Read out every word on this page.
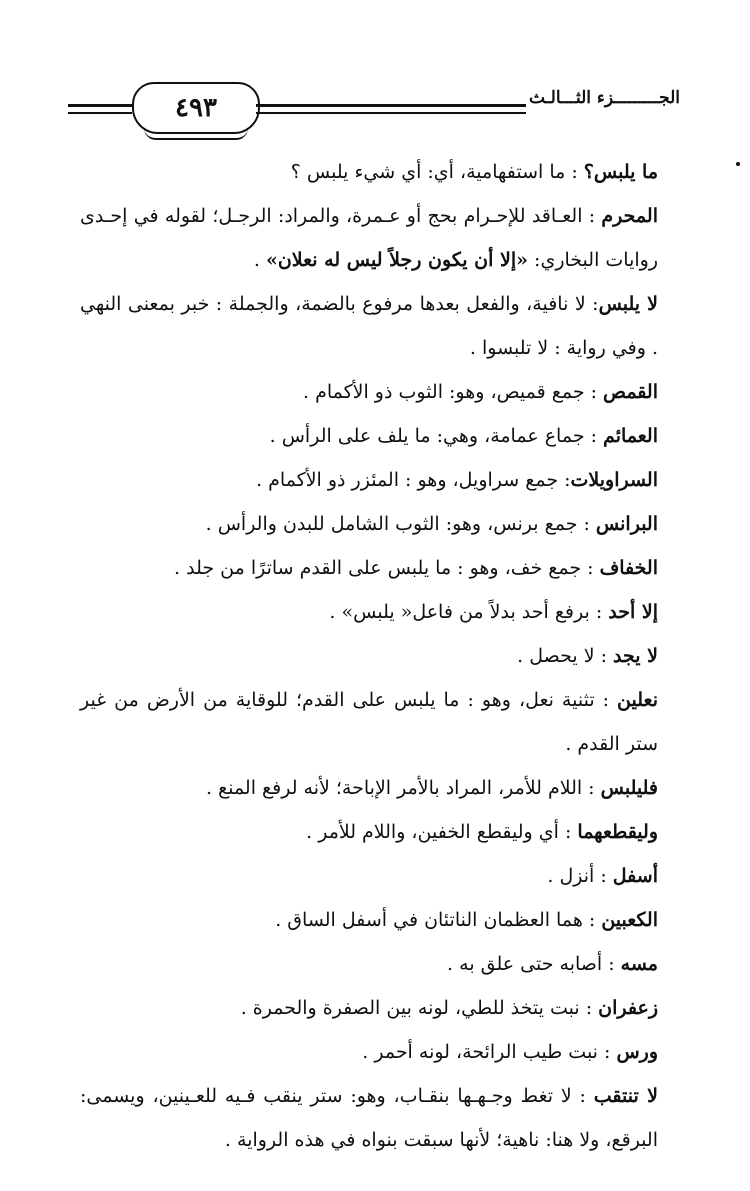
٤٩٣	الجـــــــــزء الثـــالـث
ما يلبس؟ : ما استفهامية، أي: أي شيء يلبس ؟
المحرم : العـاقد للإحـرام بحج أو عـمرة، والمراد: الرجـل؛ لقوله في إحـدى روايات البخاري: «إلا أن يكون رجلاً ليس له نعلان» .
لا يلبس: لا نافية، والفعل بعدها مرفوع بالضمة، والجملة : خبر بمعنى النهي . وفي رواية : لا تلبسوا .
القمص : جمع قميص، وهو: الثوب ذو الأكمام .
العمائم : جماع عمامة، وهي: ما يلف على الرأس .
السراويلات: جمع سراويل، وهو : المئزر ذو الأكمام .
البرانس : جمع برنس، وهو: الثوب الشامل للبدن والرأس .
الخفاف : جمع خف، وهو : ما يلبس على القدم ساترًا من جلد .
إلا أحد : برفع أحد بدلاً من فاعل« يلبس» .
لا يجد : لا يحصل .
نعلين : تثنية نعل، وهو : ما يلبس على القدم؛ للوقاية من الأرض من غير ستر القدم .
فليلبس : اللام للأمر، المراد بالأمر الإباحة؛ لأنه لرفع المنع .
وليقطعهما : أي وليقطع الخفين، واللام للأمر .
أسفل : أنزل .
الكعبين : هما العظمان الناتئان في أسفل الساق .
مسه : أصابه حتى علق به .
زعفران : نبت يتخذ للطي، لونه بين الصفرة والحمرة .
ورس : نبت طيب الرائحة، لونه أحمر .
لا تنتقب : لا تغط وجـهـها بنقـاب، وهو: ستر ينقب فـيه للعـينين، ويسمى: البرقع، ولا هنا: ناهية؛ لأنها سبقت بنواه في هذه الرواية .
